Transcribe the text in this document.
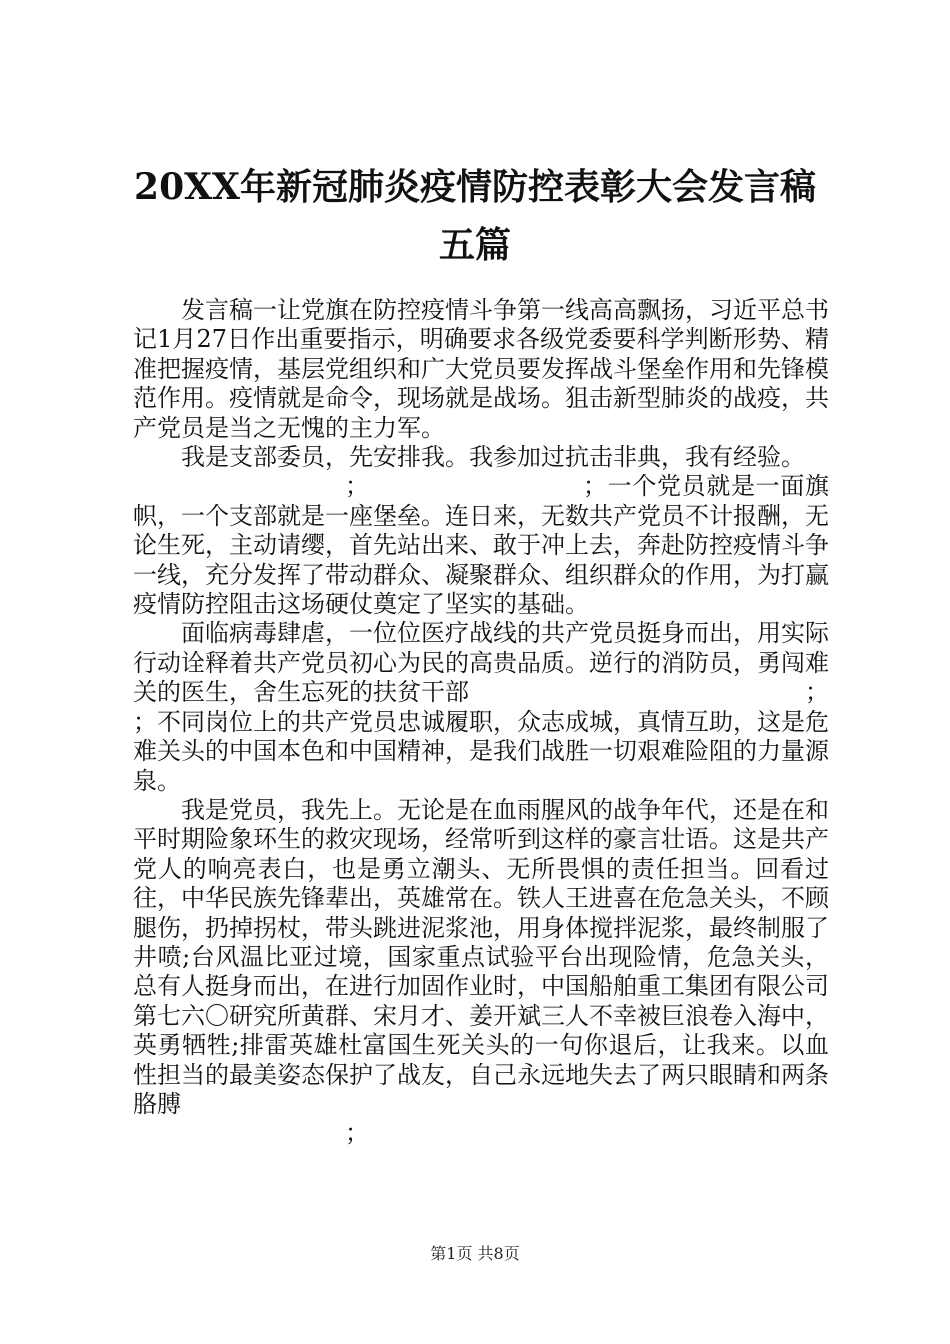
20XX年新冠肺炎疫情防控表彰大会发言稿五篇

发言稿一让党旗在防控疫情斗争第一线高高飘扬，习近平总书记1月27日作出重要指示，明确要求各级党委要科学判断形势、精准把握疫情，基层党组织和广大党员要发挥战斗堡垒作用和先锋模范作用。疫情就是命令，现场就是战场。狙击新型肺炎的战疫，共产党员是当之无愧的主力军。

我是支部委员，先安排我。我参加过抗击非典，我有经验。

；	；一个党员就是一面旗帜，一个支部就是一座堡垒。连日来，无数共产党员不计报酬，无论生死，主动请缨，首先站出来、敢于冲上去，奔赴防控疫情斗争一线，充分发挥了带动群众、凝聚群众、组织群众的作用，为打赢疫情防控阻击这场硬仗奠定了坚实的基础。

面临病毒肆虐，一位位医疗战线的共产党员挺身而出，用实际行动诠释着共产党员初心为民的高贵品质。逆行的消防员，勇闯难关的医生，舍生忘死的扶贫干部	；

；不同岗位上的共产党员忠诚履职，众志成城，真情互助，这是危难关头的中国本色和中国精神，是我们战胜一切艰难险阻的力量源泉。

我是党员，我先上。无论是在血雨腥风的战争年代，还是在和平时期险象环生的救灾现场，经常听到这样的豪言壮语。这是共产党人的响亮表白，也是勇立潮头、无所畏惧的责任担当。回看过往，中华民族先锋辈出，英雄常在。铁人王进喜在危急关头，不顾腿伤，扔掉拐杖，带头跳进泥浆池，用身体搅拌泥浆，最终制服了井喷;台风温比亚过境，国家重点试验平台出现险情，危急关头，总有人挺身而出，在进行加固作业时，中国船舶重工集团有限公司第七六〇研究所黄群、宋月才、姜开斌三人不幸被巨浪卷入海中，英勇牺牲;排雷英雄杜富国生死关头的一句你退后，让我来。以血性担当的最美姿态保护了战友，自己永远地失去了两只眼睛和两条胳膊

；
第1页 共8页
